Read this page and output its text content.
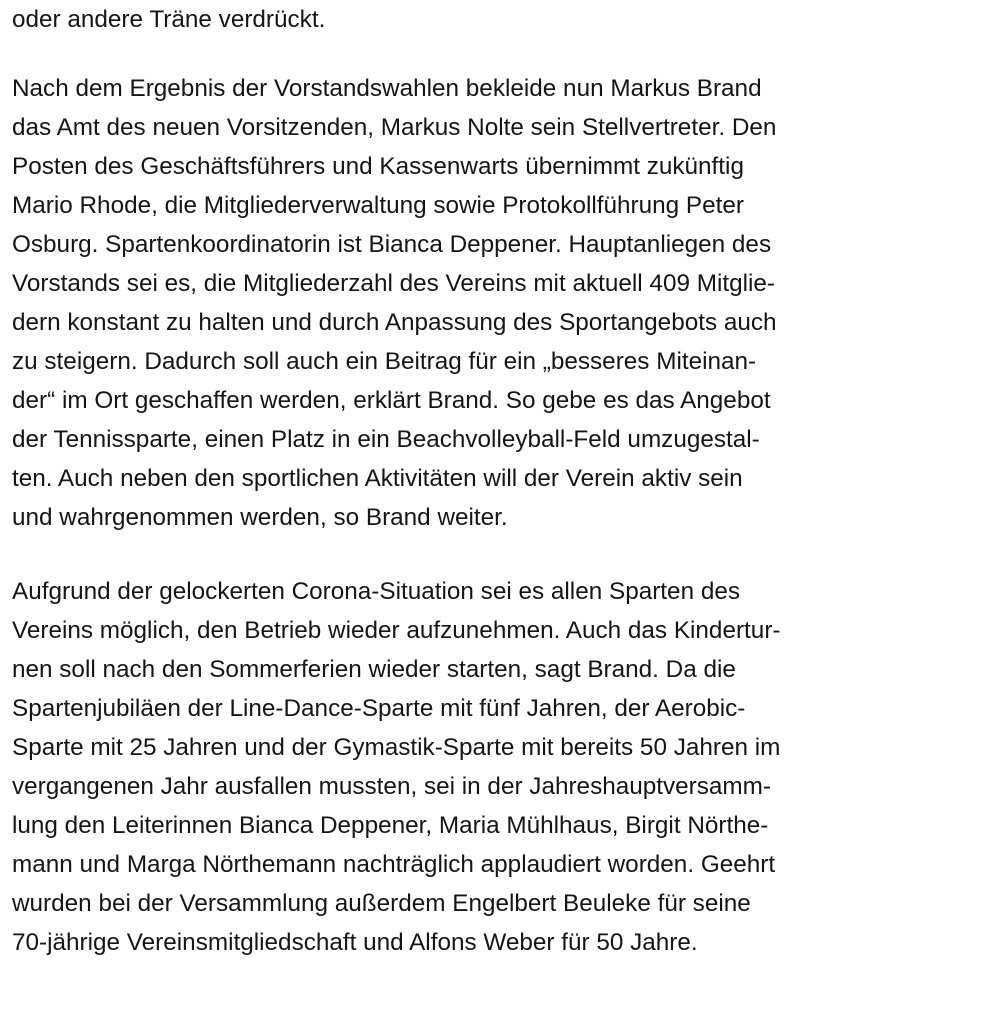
oder andere Träne verdrückt.
Nach dem Ergebnis der Vorstandswahlen bekleide nun Markus Brand
das Amt des neuen Vorsitzenden, Markus Nolte sein Stellvertreter. Den
Posten des Geschäftsführers und Kassenwarts übernimmt zukünftig
Mario Rhode, die Mitgliederverwaltung sowie Protokollführung Peter
Osburg. Spartenkoordinatorin ist Bianca Deppener. Hauptanliegen des
Vorstands sei es, die Mitgliederzahl des Vereins mit aktuell 409 Mitglie-
dern konstant zu halten und durch Anpassung des Sportangebots auch
zu steigern. Dadurch soll auch ein Beitrag für ein „besseres Miteinan-
der“ im Ort geschaffen werden, erklärt Brand. So gebe es das Angebot
der Tennissparte, einen Platz in ein Beachvolleyball-Feld umzugestal-
ten. Auch neben den sportlichen Aktivitäten will der Verein aktiv sein
und wahrgenommen werden, so Brand weiter.
Aufgrund der gelockerten Corona-Situation sei es allen Sparten des
Vereins möglich, den Betrieb wieder aufzunehmen. Auch das Kindertur-
nen soll nach den Sommerferien wieder starten, sagt Brand. Da die
Spartenjubiläen der Line-Dance-Sparte mit fünf Jahren, der Aerobic-
Sparte mit 25 Jahren und der Gymastik-Sparte mit bereits 50 Jahren im
vergangenen Jahr ausfallen mussten, sei in der Jahreshauptversamm-
lung den Leiterinnen Bianca Deppener, Maria Mühlhaus, Birgit Nörthe-
mann und Marga Nörthemann nachträglich applaudiert worden. Geehrt
wurden bei der Versammlung außerdem Engelbert Beuleke für seine
70-jährige Vereinsmitgliedschaft und Alfons Weber für 50 Jahre.
